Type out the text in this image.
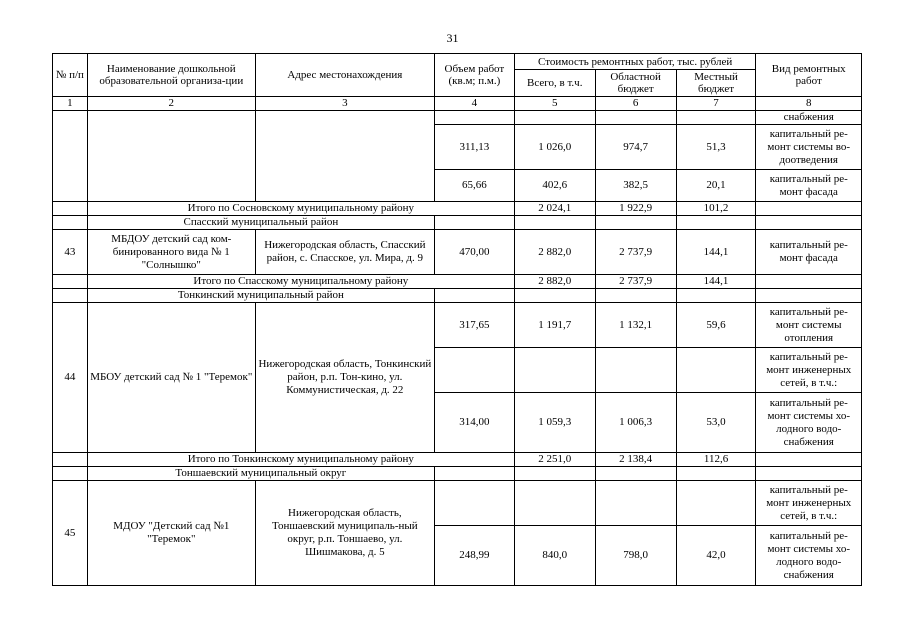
31
№ п/п	Наименование дошкольной образовательной организа-ции	Адрес местонахождения	Объем работ (кв.м; п.м.)	Стоимость ремонтных работ, тыс. рублей			Вид ремонтных работ
				Всего, в т.ч.	Областной бюджет	Местный бюджет	
1	2	3	4	5	6	7	8
							снабжения
			311,13	1 026,0	974,7	51,3	капитальный ре-монт системы во-доотведения
			65,66	402,6	382,5	20,1	капитальный ре-монт фасада
	Итого по Сосновскому муниципальному району			2 024,1	1 922,9	101,2	
	Спасский муниципальный район						
43	МБДОУ детский сад ком-бинированного вида № 1 "Солнышко"	Нижегородская область, Спасский район, с. Спасское, ул. Мира, д. 9	470,00	2 882,0	2 737,9	144,1	капитальный ре-монт фасада
	Итого по Спасскому муниципальному району			2 882,0	2 737,9	144,1	
	Тонкинский муниципальный район						
44	МБОУ детский сад № 1 "Теремок"	Нижегородская область, Тонкинский район, р.п. Тон-кино, ул. Коммунистическая, д. 22	317,65	1 191,7	1 132,1	59,6	капитальный ре-монт системы отопления
							капитальный ре-монт инженерных сетей, в т.ч.:
			314,00	1 059,3	1 006,3	53,0	капитальный ре-монт системы хо-лодного водо-снабжения
	Итого по Тонкинскому муниципальному району			2 251,0	2 138,4	112,6	
	Тоншаевский муниципальный округ						
45	МДОУ "Детский сад №1 "Теремок"	Нижегородская область, Тоншаевский муниципаль-ный округ, р.п. Тоншаево, ул. Шишмакова, д. 5					капитальный ре-монт инженерных сетей, в т.ч.:
			248,99	840,0	798,0	42,0	капитальный ре-монт системы хо-лодного водо-снабжения
